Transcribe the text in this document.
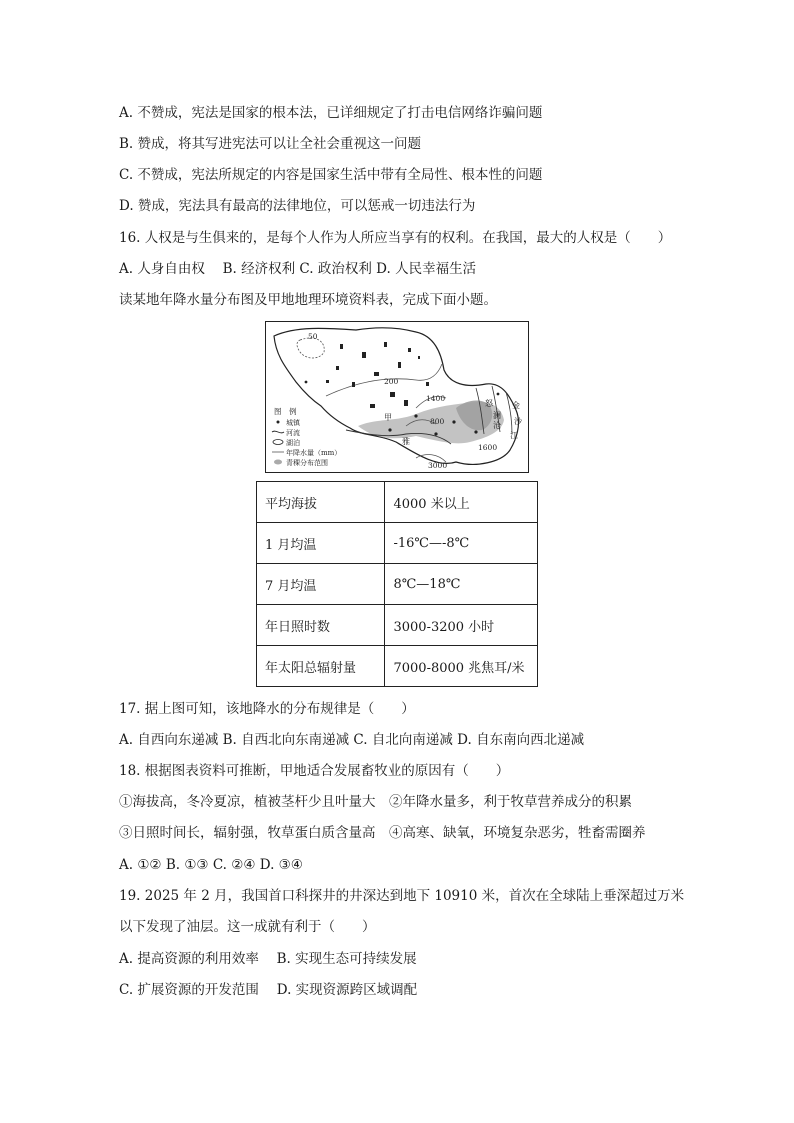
A. 不赞成，宪法是国家的根本法，已详细规定了打击电信网络诈骗问题
B. 赞成，将其写进宪法可以让全社会重视这一问题
C. 不赞成，宪法所规定的内容是国家生活中带有全局性、根本性的问题
D. 赞成，宪法具有最高的法律地位，可以惩戒一切违法行为
16. 人权是与生俱来的，是每个人作为人所应当享有的权利。在我国，最大的人权是（　　）
A. 人身自由权　 B. 经济权利 C. 政治权利 D. 人民幸福生活
读某地年降水量分布图及甲地地理环境资料表，完成下面小题。
50
200
1400
800
1600
3000
甲
雅
怒
澜
沧
金
沙
江
图　例
城镇
河流
湖泊
年降水量（mm）
青稞分布范围
平均海拔	4000 米以上
1 月均温	-16℃—-8℃
7 月均温	8℃—18℃
年日照时数	3000-3200 小时
年太阳总辐射量	7000-8000 兆焦耳/米
17. 据上图可知，该地降水的分布规律是（　　）
A. 自西向东递减 B. 自西北向东南递减 C. 自北向南递减 D. 自东南向西北递减
18. 根据图表资料可推断，甲地适合发展畜牧业的原因有（　　）
①海拔高，冬冷夏凉，植被茎杆少且叶量大　②年降水量多，利于牧草营养成分的积累
③日照时间长，辐射强，牧草蛋白质含量高　④高寒、缺氧，环境复杂恶劣，牲畜需圈养
A. ①② B. ①③ C. ②④ D. ③④
19. 2025 年 2 月，我国首口科探井的井深达到地下 10910 米，首次在全球陆上垂深超过万米
以下发现了油层。这一成就有利于（　　）
A. 提高资源的利用效率　 B. 实现生态可持续发展
C. 扩展资源的开发范围　 D. 实现资源跨区域调配
